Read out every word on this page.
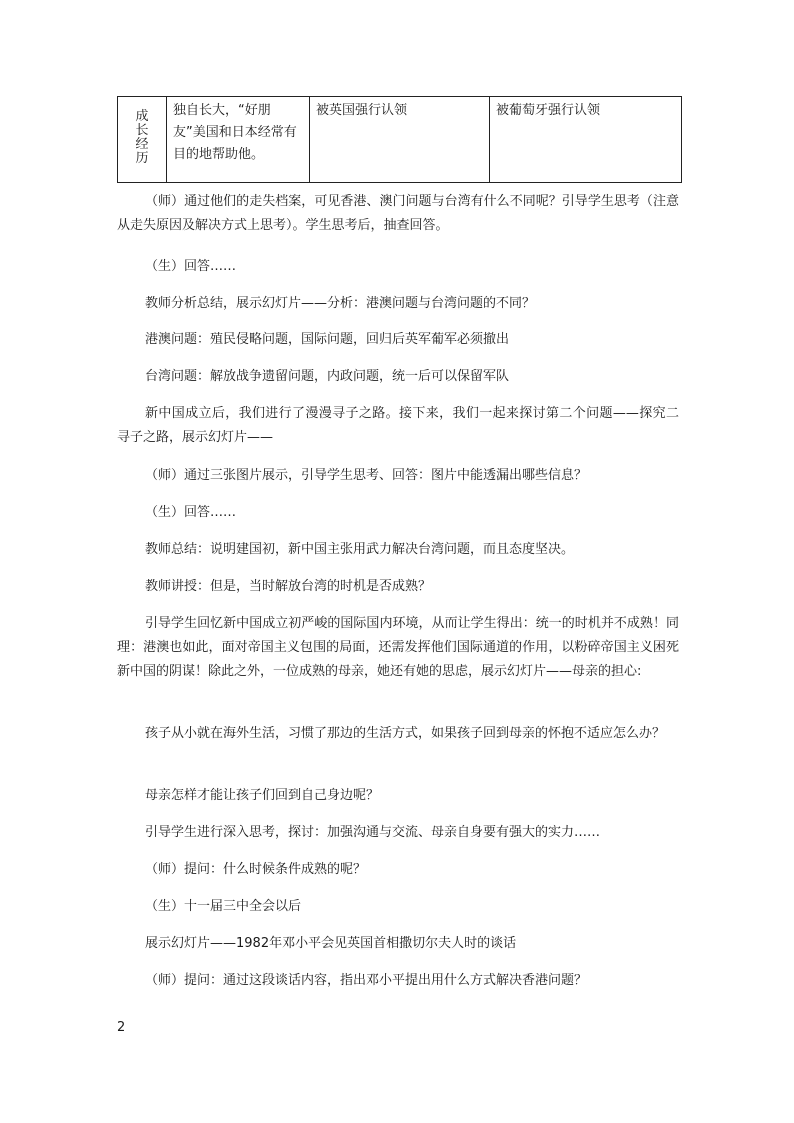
成长经历	独自长大，“好朋友”美国和日本经常有目的地帮助他。	被英国强行认领	被葡萄牙强行认领

（师）通过他们的走失档案，可见香港、澳门问题与台湾有什么不同呢？引导学生思考（注意从走失原因及解决方式上思考）。学生思考后，抽查回答。

（生）回答……

教师分析总结，展示幻灯片——分析：港澳问题与台湾问题的不同？

港澳问题：殖民侵略问题，国际问题，回归后英军葡军必须撤出

台湾问题：解放战争遗留问题，内政问题，统一后可以保留军队

新中国成立后，我们进行了漫漫寻子之路。接下来，我们一起来探讨第二个问题——探究二　寻子之路，展示幻灯片——

（师）通过三张图片展示，引导学生思考、回答：图片中能透漏出哪些信息？

（生）回答……

教师总结：说明建国初，新中国主张用武力解决台湾问题，而且态度坚决。

教师讲授：但是，当时解放台湾的时机是否成熟？

引导学生回忆新中国成立初严峻的国际国内环境，从而让学生得出：统一的时机并不成熟！同理：港澳也如此，面对帝国主义包围的局面，还需发挥他们国际通道的作用，以粉碎帝国主义困死新中国的阴谋！除此之外，一位成熟的母亲，她还有她的思虑，展示幻灯片——母亲的担心:

孩子从小就在海外生活，习惯了那边的生活方式，如果孩子回到母亲的怀抱不适应怎么办？

母亲怎样才能让孩子们回到自己身边呢？

引导学生进行深入思考，探讨：加强沟通与交流、母亲自身要有强大的实力……

（师）提问：什么时候条件成熟的呢？

（生）十一届三中全会以后

展示幻灯片——1982年邓小平会见英国首相撒切尔夫人时的谈话

（师）提问：通过这段谈话内容，指出邓小平提出用什么方式解决香港问题？

2
